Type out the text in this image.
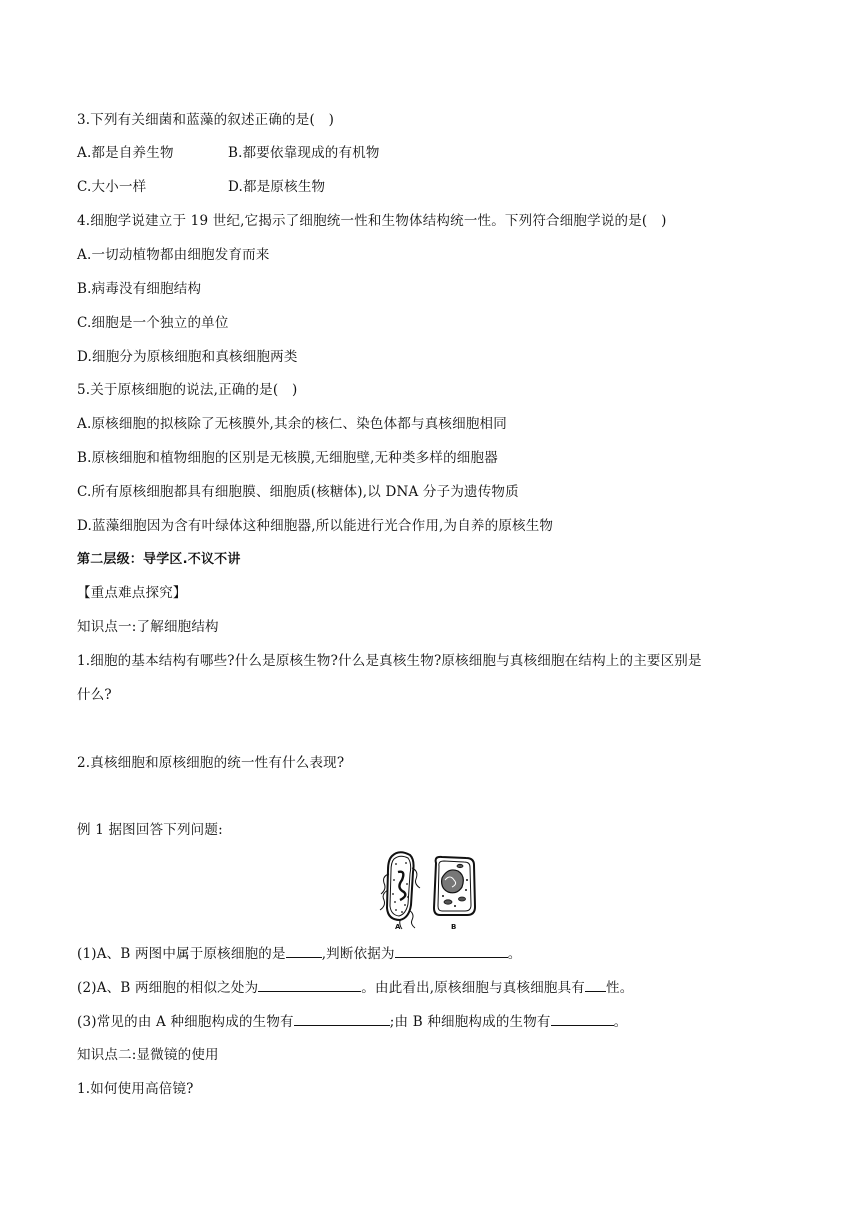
3.下列有关细菌和蓝藻的叙述正确的是(　)
A.都是自养生物	B.都要依靠现成的有机物
C.大小一样	D.都是原核生物
4.细胞学说建立于 19 世纪,它揭示了细胞统一性和生物体结构统一性。下列符合细胞学说的是(　)
A.一切动植物都由细胞发育而来
B.病毒没有细胞结构
C.细胞是一个独立的单位
D.细胞分为原核细胞和真核细胞两类
5.关于原核细胞的说法,正确的是(　)
A.原核细胞的拟核除了无核膜外,其余的核仁、染色体都与真核细胞相同
B.原核细胞和植物细胞的区别是无核膜,无细胞壁,无种类多样的细胞器
C.所有原核细胞都具有细胞膜、细胞质(核糖体),以 DNA 分子为遗传物质
D.蓝藻细胞因为含有叶绿体这种细胞器,所以能进行光合作用,为自养的原核生物
第二层级：导学区.不议不讲
【重点难点探究】
知识点一:了解细胞结构
1.细胞的基本结构有哪些?什么是原核生物?什么是真核生物?原核细胞与真核细胞在结构上的主要区别是
什么?
2.真核细胞和原核细胞的统一性有什么表现?
例 1 据图回答下列问题:
A	B
(1)A、B 两图中属于原核细胞的是	,判断依据为	。
(2)A、B 两细胞的相似之处为	。由此看出,原核细胞与真核细胞具有 性。
(3)常见的由 A 种细胞构成的生物有	;由 B 种细胞构成的生物有	。
知识点二:显微镜的使用
1.如何使用高倍镜?
